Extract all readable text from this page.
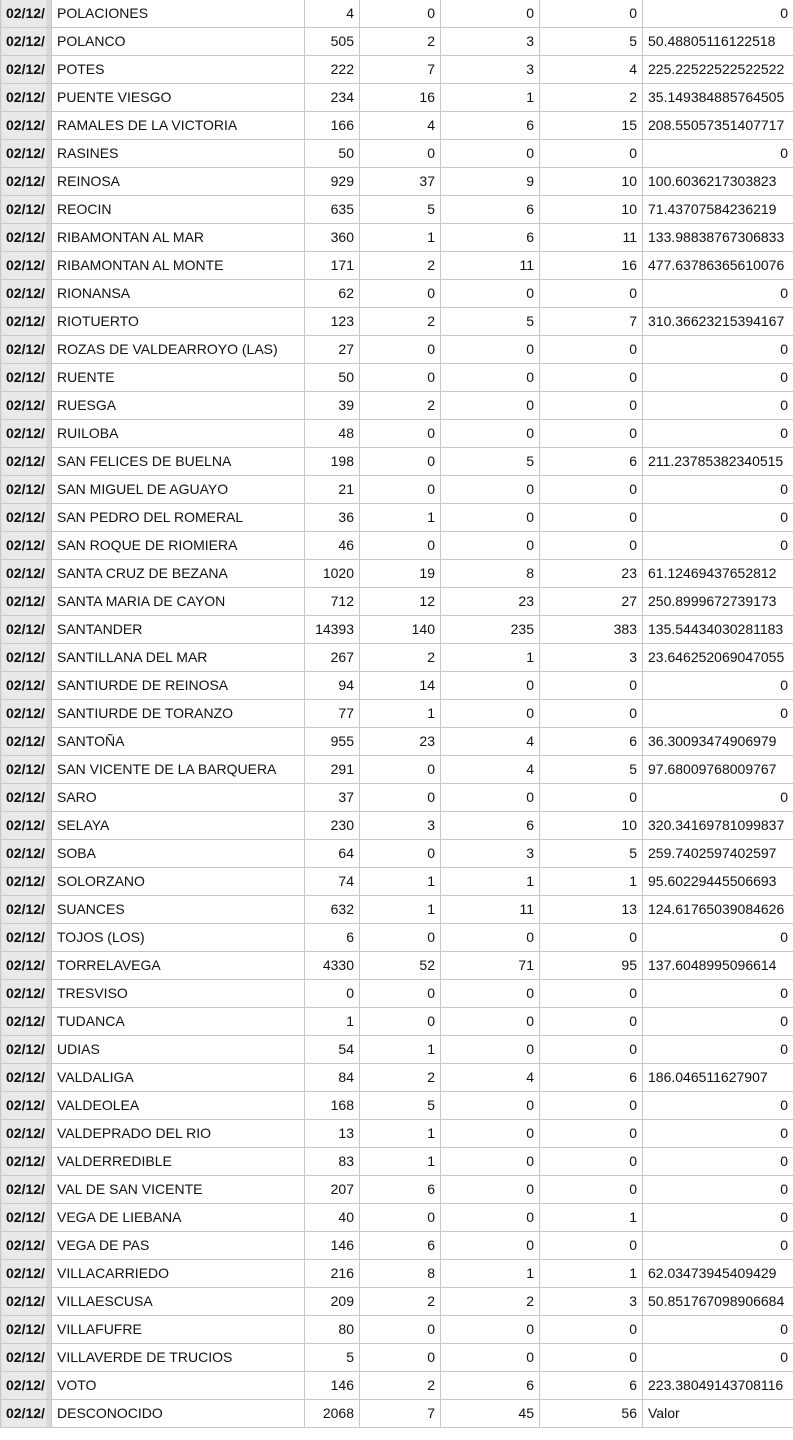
02/12/	POLACIONES	4	0	0	0	0
02/12/	POLANCO	505	2	3	5	50.48805116122518
02/12/	POTES	222	7	3	4	225.22522522522522
02/12/	PUENTE VIESGO	234	16	1	2	35.149384885764505
02/12/	RAMALES DE LA VICTORIA	166	4	6	15	208.55057351407717
02/12/	RASINES	50	0	0	0	0
02/12/	REINOSA	929	37	9	10	100.6036217303823
02/12/	REOCIN	635	5	6	10	71.43707584236219
02/12/	RIBAMONTAN AL MAR	360	1	6	11	133.98838767306833
02/12/	RIBAMONTAN AL MONTE	171	2	11	16	477.63786365610076
02/12/	RIONANSA	62	0	0	0	0
02/12/	RIOTUERTO	123	2	5	7	310.36623215394167
02/12/	ROZAS DE VALDEARROYO (LAS)	27	0	0	0	0
02/12/	RUENTE	50	0	0	0	0
02/12/	RUESGA	39	2	0	0	0
02/12/	RUILOBA	48	0	0	0	0
02/12/	SAN FELICES DE BUELNA	198	0	5	6	211.23785382340515
02/12/	SAN MIGUEL DE AGUAYO	21	0	0	0	0
02/12/	SAN PEDRO DEL ROMERAL	36	1	0	0	0
02/12/	SAN ROQUE DE RIOMIERA	46	0	0	0	0
02/12/	SANTA CRUZ DE BEZANA	1020	19	8	23	61.12469437652812
02/12/	SANTA MARIA DE CAYON	712	12	23	27	250.8999672739173
02/12/	SANTANDER	14393	140	235	383	135.54434030281183
02/12/	SANTILLANA DEL MAR	267	2	1	3	23.646252069047055
02/12/	SANTIURDE DE REINOSA	94	14	0	0	0
02/12/	SANTIURDE DE TORANZO	77	1	0	0	0
02/12/	SANTOÑA	955	23	4	6	36.30093474906979
02/12/	SAN VICENTE DE LA BARQUERA	291	0	4	5	97.68009768009767
02/12/	SARO	37	0	0	0	0
02/12/	SELAYA	230	3	6	10	320.34169781099837
02/12/	SOBA	64	0	3	5	259.7402597402597
02/12/	SOLORZANO	74	1	1	1	95.60229445506693
02/12/	SUANCES	632	1	11	13	124.61765039084626
02/12/	TOJOS (LOS)	6	0	0	0	0
02/12/	TORRELAVEGA	4330	52	71	95	137.6048995096614
02/12/	TRESVISO	0	0	0	0	0
02/12/	TUDANCA	1	0	0	0	0
02/12/	UDIAS	54	1	0	0	0
02/12/	VALDALIGA	84	2	4	6	186.046511627907
02/12/	VALDEOLEA	168	5	0	0	0
02/12/	VALDEPRADO DEL RIO	13	1	0	0	0
02/12/	VALDERREDIBLE	83	1	0	0	0
02/12/	VAL DE SAN VICENTE	207	6	0	0	0
02/12/	VEGA DE LIEBANA	40	0	0	1	0
02/12/	VEGA DE PAS	146	6	0	0	0
02/12/	VILLACARRIEDO	216	8	1	1	62.03473945409429
02/12/	VILLAESCUSA	209	2	2	3	50.851767098906684
02/12/	VILLAFUFRE	80	0	0	0	0
02/12/	VILLAVERDE DE TRUCIOS	5	0	0	0	0
02/12/	VOTO	146	2	6	6	223.38049143708116
02/12/	DESCONOCIDO	2068	7	45	56	Valor
